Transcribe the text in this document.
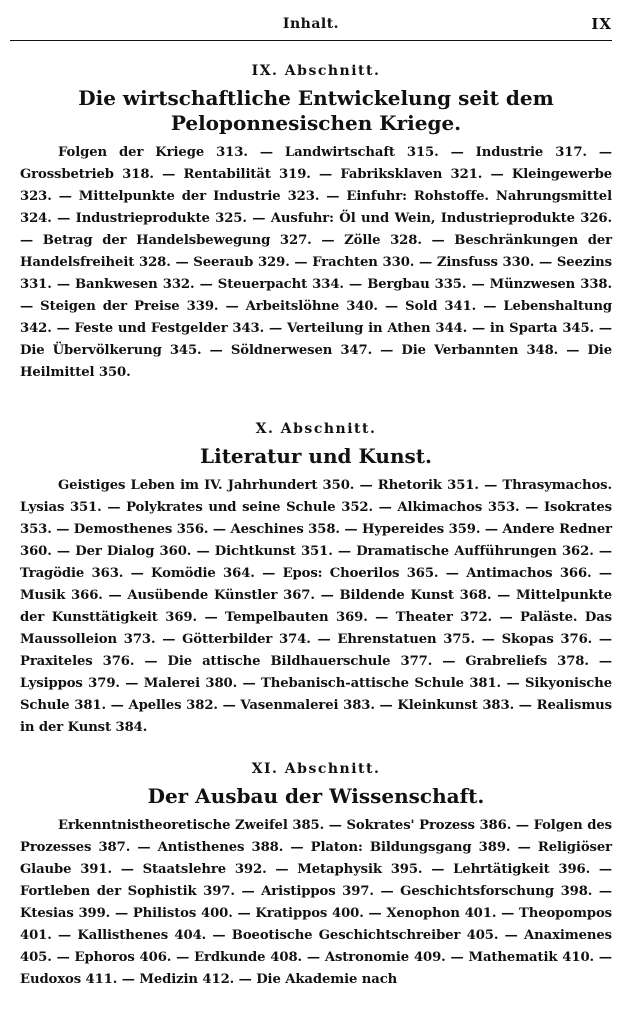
Inhalt.	IX
IX. Abschnitt.
Die wirtschaftliche Entwickelung seit dem Peloponnesischen Kriege.

Folgen der Kriege 313. — Landwirtschaft 315. — Industrie 317. — Grossbetrieb 318. — Rentabilität 319. — Fabriksklaven 321. — Kleingewerbe 323. — Mittelpunkte der Industrie 323. — Einfuhr: Rohstoffe. Nahrungsmittel 324. — Industrieprodukte 325. — Ausfuhr: Öl und Wein, Industrieprodukte 326. — Betrag der Handelsbewegung 327. — Zölle 328. — Beschränkungen der Handelsfreiheit 328. — Seeraub 329. — Frachten 330. — Zinsfuss 330. — Seezins 331. — Bankwesen 332. — Steuerpacht 334. — Bergbau 335. — Münzwesen 338. — Steigen der Preise 339. — Arbeitslöhne 340. — Sold 341. — Lebenshaltung 342. — Feste und Festgelder 343. — Verteilung in Athen 344. — in Sparta 345. — Die Übervölkerung 345. — Söldnerwesen 347. — Die Verbannten 348. — Die Heilmittel 350.

X. Abschnitt.
Literatur und Kunst.

Geistiges Leben im IV. Jahrhundert 350. — Rhetorik 351. — Thrasymachos. Lysias 351. — Polykrates und seine Schule 352. — Alkimachos 353. — Isokrates 353. — Demosthenes 356. — Aeschines 358. — Hypereides 359. — Andere Redner 360. — Der Dialog 360. — Dichtkunst 351. — Dramatische Aufführungen 362. — Tragödie 363. — Komödie 364. — Epos: Choerilos 365. — Antimachos 366. — Musik 366. — Ausübende Künstler 367. — Bildende Kunst 368. — Mittelpunkte der Kunsttätigkeit 369. — Tempelbauten 369. — Theater 372. — Paläste. Das Maussolleion 373. — Götterbilder 374. — Ehrenstatuen 375. — Skopas 376. — Praxiteles 376. — Die attische Bildhauerschule 377. — Grabreliefs 378. — Lysippos 379. — Malerei 380. — Thebanisch-attische Schule 381. — Sikyonische Schule 381. — Apelles 382. — Vasenmalerei 383. — Kleinkunst 383. — Realismus in der Kunst 384.

XI. Abschnitt.
Der Ausbau der Wissenschaft.

Erkenntnistheoretische Zweifel 385. — Sokrates' Prozess 386. — Folgen des Prozesses 387. — Antisthenes 388. — Platon: Bildungsgang 389. — Religiöser Glaube 391. — Staatslehre 392. — Metaphysik 395. — Lehrtätigkeit 396. — Fortleben der Sophistik 397. — Aristippos 397. — Geschichtsforschung 398. — Ktesias 399. — Philistos 400. — Kratippos 400. — Xenophon 401. — Theopompos 401. — Kallisthenes 404. — Boeotische Geschichtschreiber 405. — Anaximenes 405. — Ephoros 406. — Erdkunde 408. — Astronomie 409. — Mathematik 410. — Eudoxos 411. — Medizin 412. — Die Akademie nach
